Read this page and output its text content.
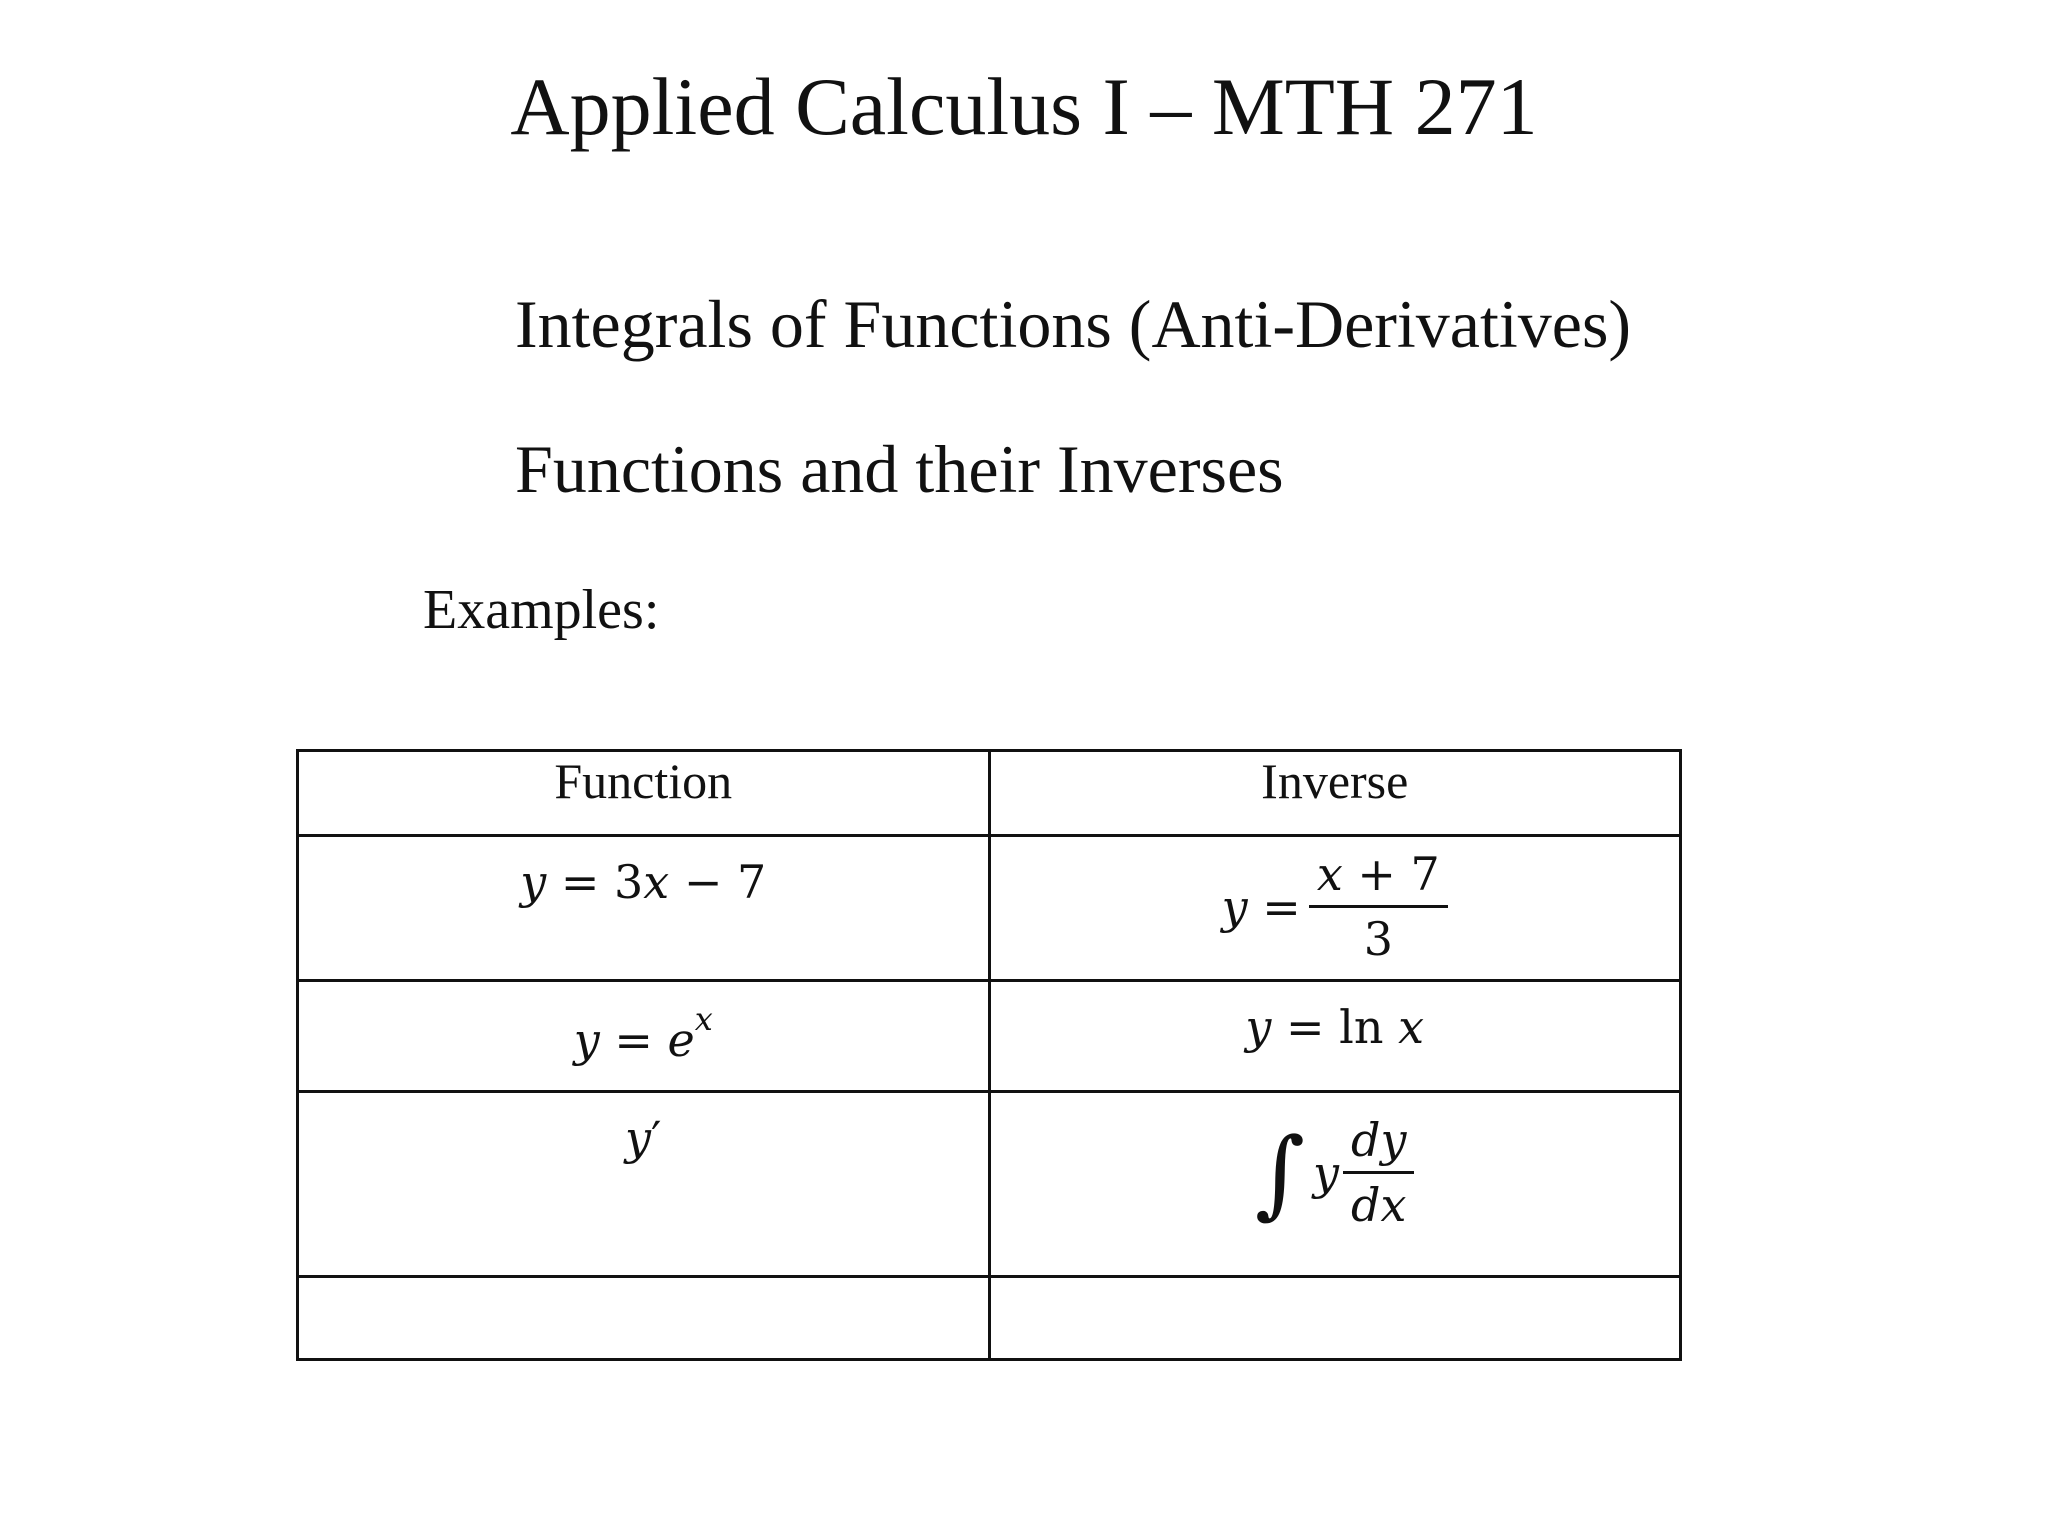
Applied Calculus I – MTH 271
Integrals of Functions (Anti-Derivatives)
Functions and their Inverses
Examples:
Function	Inverse
𝑦 = 3𝑥 − 7	𝑦 = $\frac{\text{𝑥 + 7}}{3}$

𝑦 = 𝑒$^𝑥$	𝑦 = ln 𝑥
𝑦′	∫ 𝑦 $\frac{\text{𝑑𝑦}}{\text{𝑑𝑥}}$
